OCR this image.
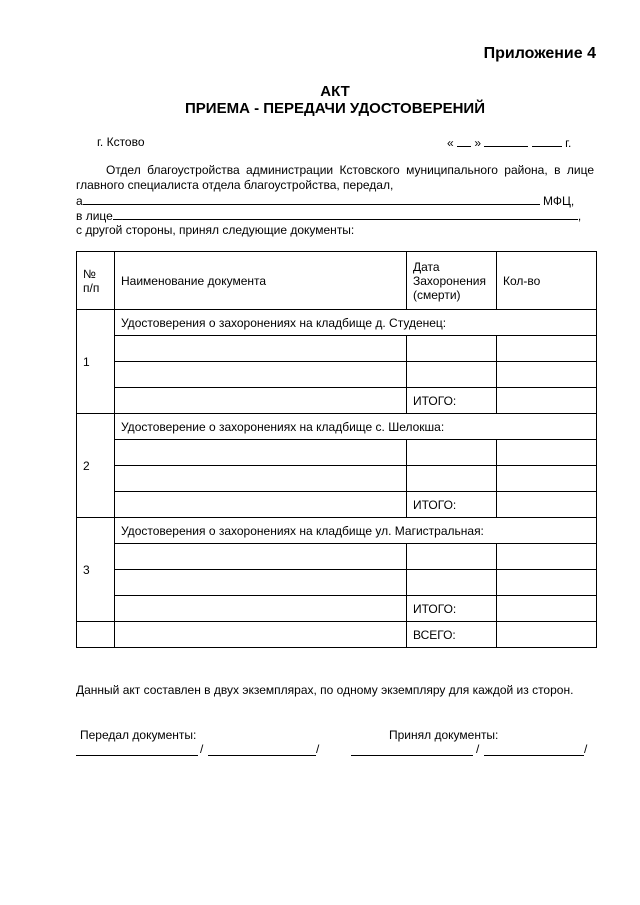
Приложение 4
АКТ
ПРИЕМА - ПЕРЕДАЧИ УДОСТОВЕРЕНИЙ
г. Кстово	« »	г.
Отдел благоустройства администрации Кстовского муниципального района, в лице главного специалиста отдела благоустройства, передал,
а	МФЦ,
в лице	,
с другой стороны, принял следующие документы:
№ п/п	Наименование документа	Дата Захоронения (смерти)	Кол-во
1	Удостоверения о захоронениях на кладбище д. Студенец:		

		ИТОГО:	
2	Удостоверение о захоронениях на кладбище с. Шелокша:		

		ИТОГО:	
3	Удостоверения о захоронениях на кладбище ул. Магистральная:		

		ИТОГО:	
		ВСЕГО:	
Данный акт составлен в двух экземплярах, по одному экземпляру для каждой из сторон.
Передал документы:	Принял документы:
/	/	/	/
